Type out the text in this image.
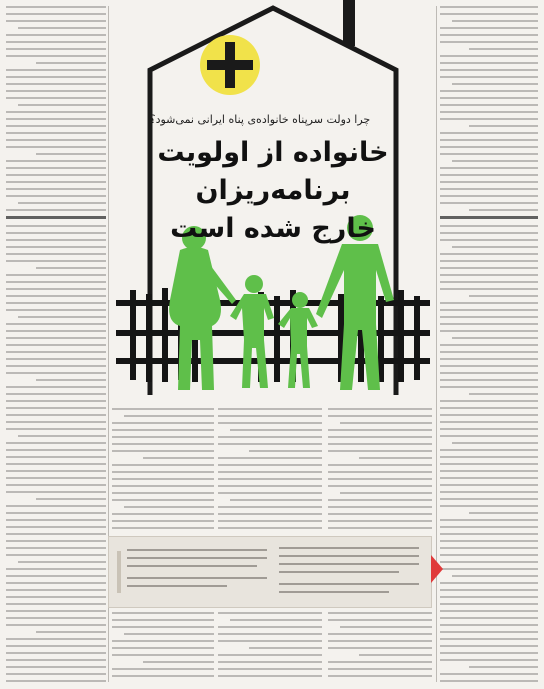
چرا دولت سرپناه خانواده‌ی پناه ایرانی نمی‌شود؟
خانواده از اولویت برنامه‌ریزان
خارج شده است
